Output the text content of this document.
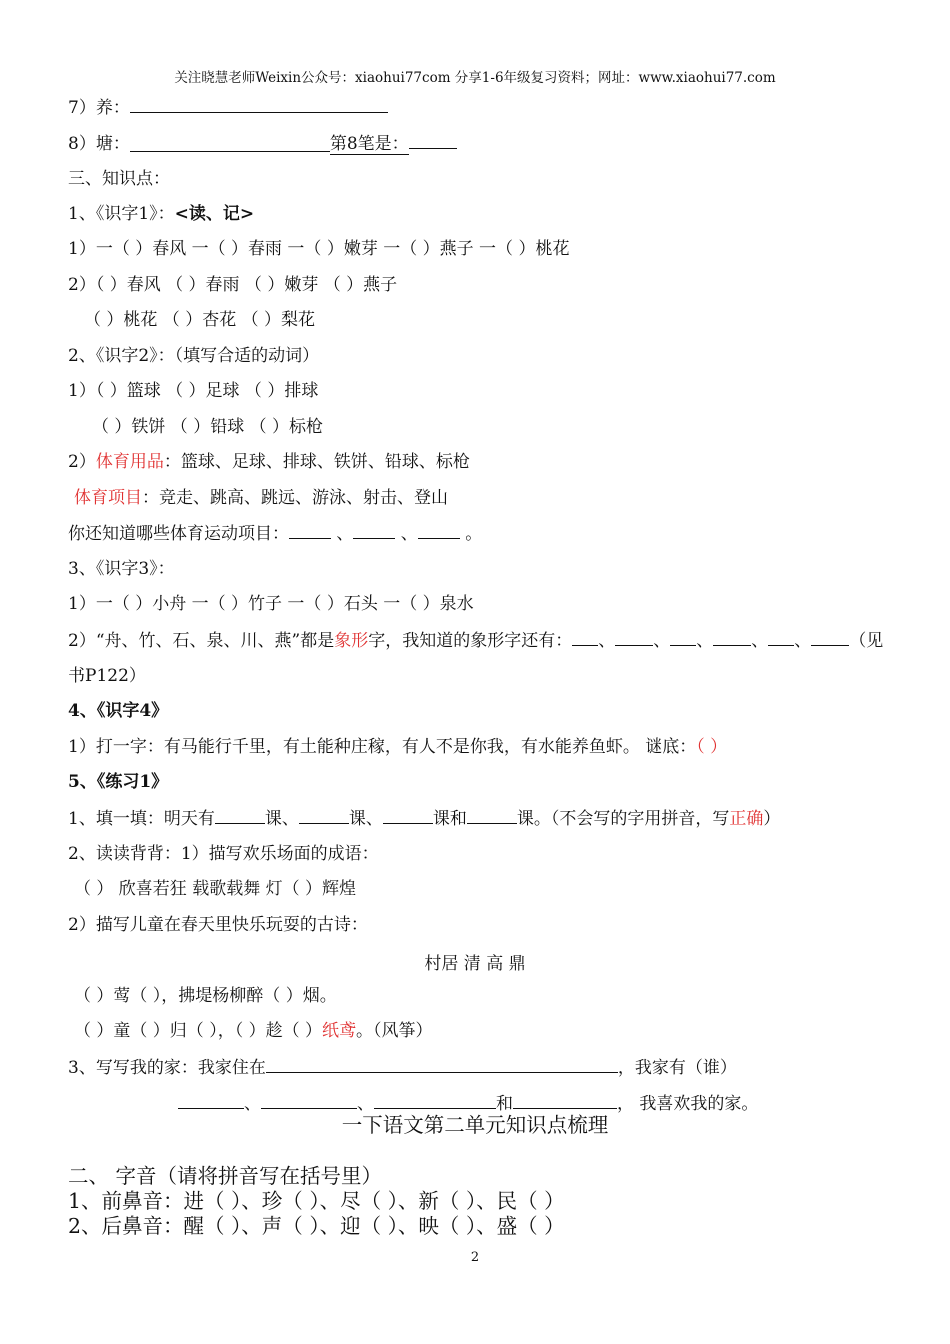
关注晓慧老师Weixin公众号：xiaohui77com 分享1-6年级复习资料；网址：www.xiaohui77.com
7）养：
8）塘：	第8笔是：
三、知识点：
1、《识字1》：<读、记>
1）一（ ）春风 一（ ）春雨 一（ ）嫩芽 一（ ）燕子 一（ ）桃花
2）（ ）春风 （ ）春雨 （ ）嫩芽 （ ）燕子
（ ）桃花 （ ）杏花 （ ）梨花
2、《识字2》：（填写合适的动词）
1）（ ）篮球 （ ）足球 （ ）排球
（ ）铁饼 （ ）铅球 （ ）标枪
2）体育用品：篮球、足球、排球、铁饼、铅球、标枪
体育项目：竞走、跳高、跳远、游泳、射击、登山
你还知道哪些体育运动项目： 、 、 。
3、《识字3》：
1）一（ ）小舟 一（ ）竹子 一（ ）石头 一（ ）泉水
2）“舟、竹、石、泉、川、燕”都是象形字，我知道的象形字还有： 、 、 、 、 、 （见
书P122）
4、《识字4》
1）打一字：有马能行千里，有土能种庄稼，有人不是你我，有水能养鱼虾。 谜底：（ ）
5、《练习1》
1、填一填：明天有	课、	课、	课和	课。（不会写的字用拼音，写正确）
2、读读背背：1）描写欢乐场面的成语：
（ ） 欣喜若狂 载歌载舞 灯（ ）辉煌
2）描写儿童在春天里快乐玩耍的古诗：
村居 清 高 鼎
（ ）莺（ ），拂堤杨柳醉（ ）烟。
（ ）童（ ）归（ ），（ ）趁（ ）纸鸢。（风筝）
3、写写我的家：我家住在	，我家有（谁）
、	、	和	， 我喜欢我的家。
一下语文第二单元知识点梳理
二、 字音（请将拼音写在括号里）
1、前鼻音：进（ ）、珍（ ）、尽（ ）、新（ ）、民（ ）
2、后鼻音：醒（ ）、声（ ）、迎（ ）、映（ ）、盛（ ）
2
